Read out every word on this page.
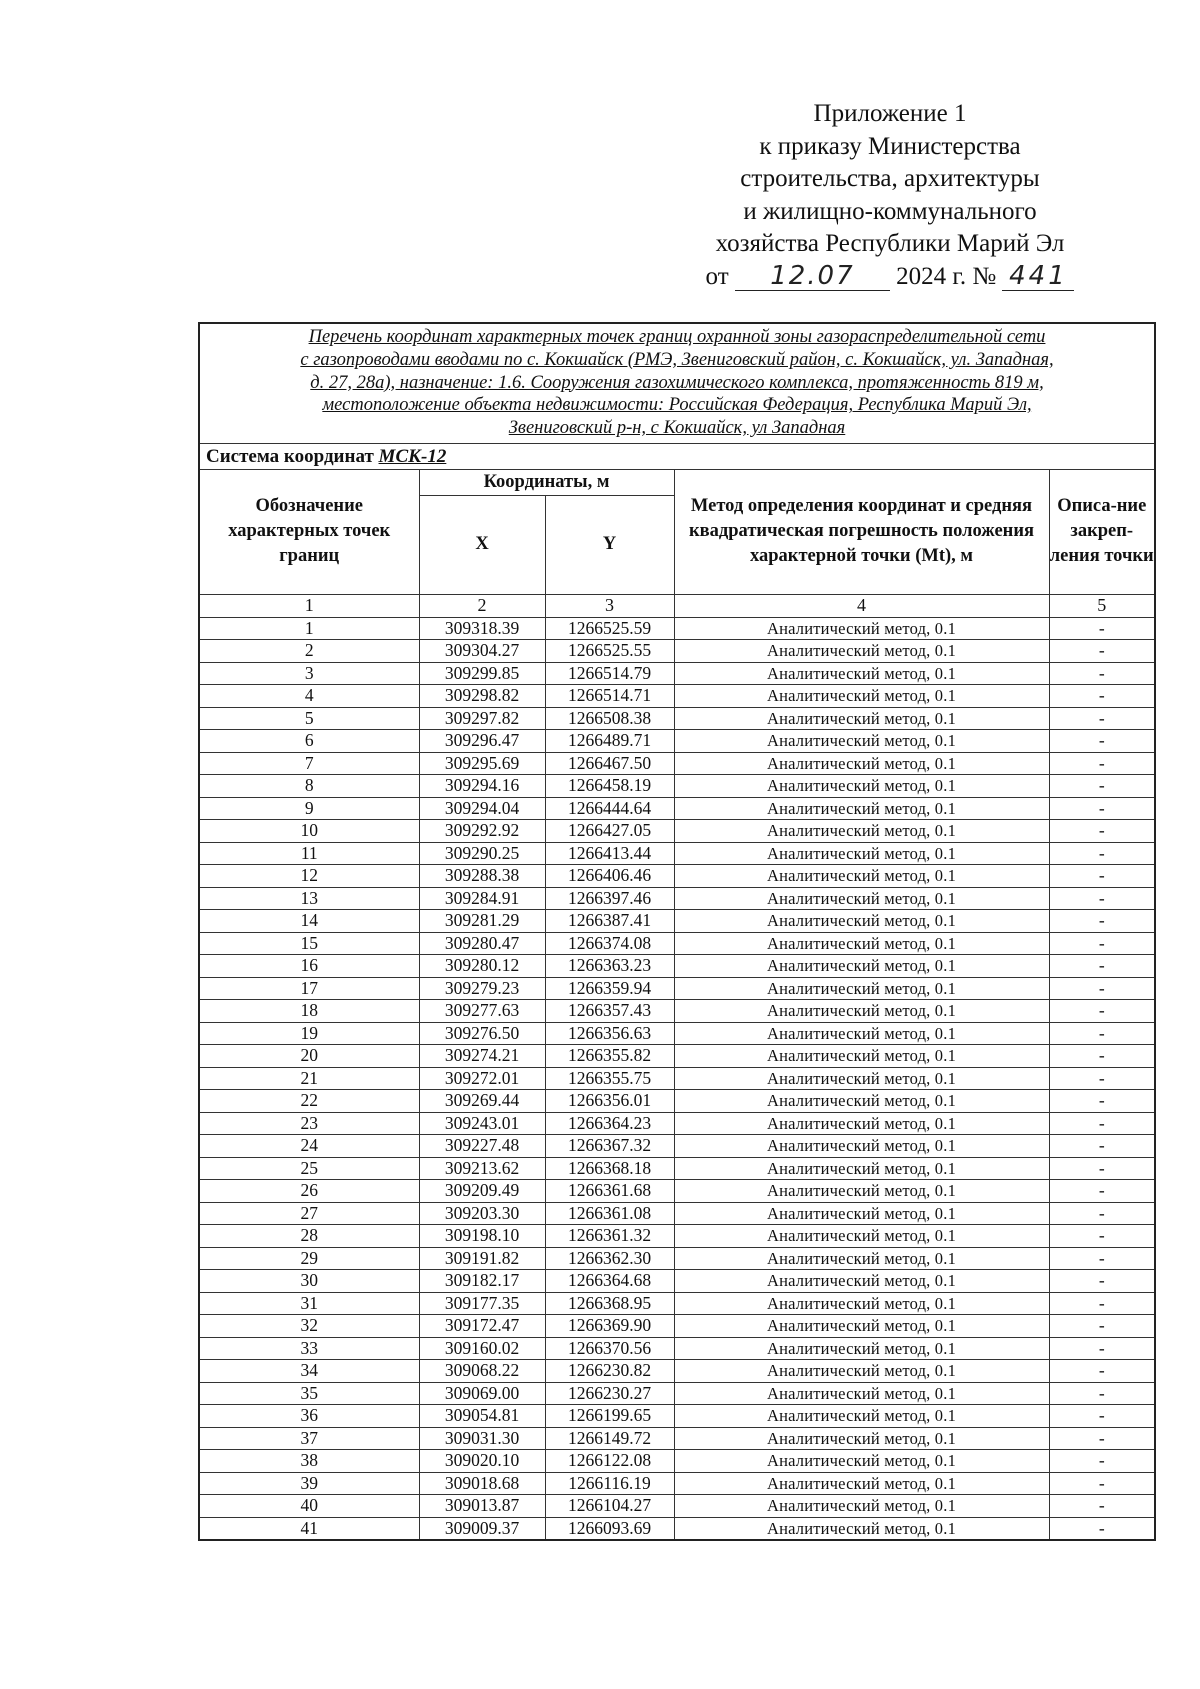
Приложение 1
к приказу Министерства
строительства, архитектуры
и жилищно-коммунального
хозяйства Республики Марий Эл
от 12.07 2024 г. № 441
Перечень координат характерных точек границ охранной зоны газораспределительной сети
с газопроводами вводами по с. Кокшайск (РМЭ, Звениговский район, с. Кокшайск, ул. Западная,
д. 27, 28а), назначение: 1.6. Сооружения газохимического комплекса, протяженность 819 м,
местоположение объекта недвижимости: Российская Федерация, Республика Марий Эл,
Звениговский р-н, с Кокшайск, ул Западная				

Система координат МСК-12				
Обозначение характерных точек границ	Координаты, м		Метод определения координат и средняя квадратическая погрешность положения характерной точки (Mt), м	Описа-ние закреп-ления точки
	X	Y		
1	2	3	4	5
1	309318.39	1266525.59	Аналитический метод, 0.1	-
2	309304.27	1266525.55	Аналитический метод, 0.1	-
3	309299.85	1266514.79	Аналитический метод, 0.1	-
4	309298.82	1266514.71	Аналитический метод, 0.1	-
5	309297.82	1266508.38	Аналитический метод, 0.1	-
6	309296.47	1266489.71	Аналитический метод, 0.1	-
7	309295.69	1266467.50	Аналитический метод, 0.1	-
8	309294.16	1266458.19	Аналитический метод, 0.1	-
9	309294.04	1266444.64	Аналитический метод, 0.1	-
10	309292.92	1266427.05	Аналитический метод, 0.1	-
11	309290.25	1266413.44	Аналитический метод, 0.1	-
12	309288.38	1266406.46	Аналитический метод, 0.1	-
13	309284.91	1266397.46	Аналитический метод, 0.1	-
14	309281.29	1266387.41	Аналитический метод, 0.1	-
15	309280.47	1266374.08	Аналитический метод, 0.1	-
16	309280.12	1266363.23	Аналитический метод, 0.1	-
17	309279.23	1266359.94	Аналитический метод, 0.1	-
18	309277.63	1266357.43	Аналитический метод, 0.1	-
19	309276.50	1266356.63	Аналитический метод, 0.1	-
20	309274.21	1266355.82	Аналитический метод, 0.1	-
21	309272.01	1266355.75	Аналитический метод, 0.1	-
22	309269.44	1266356.01	Аналитический метод, 0.1	-
23	309243.01	1266364.23	Аналитический метод, 0.1	-
24	309227.48	1266367.32	Аналитический метод, 0.1	-
25	309213.62	1266368.18	Аналитический метод, 0.1	-
26	309209.49	1266361.68	Аналитический метод, 0.1	-
27	309203.30	1266361.08	Аналитический метод, 0.1	-
28	309198.10	1266361.32	Аналитический метод, 0.1	-
29	309191.82	1266362.30	Аналитический метод, 0.1	-
30	309182.17	1266364.68	Аналитический метод, 0.1	-
31	309177.35	1266368.95	Аналитический метод, 0.1	-
32	309172.47	1266369.90	Аналитический метод, 0.1	-
33	309160.02	1266370.56	Аналитический метод, 0.1	-
34	309068.22	1266230.82	Аналитический метод, 0.1	-
35	309069.00	1266230.27	Аналитический метод, 0.1	-
36	309054.81	1266199.65	Аналитический метод, 0.1	-
37	309031.30	1266149.72	Аналитический метод, 0.1	-
38	309020.10	1266122.08	Аналитический метод, 0.1	-
39	309018.68	1266116.19	Аналитический метод, 0.1	-
40	309013.87	1266104.27	Аналитический метод, 0.1	-
41	309009.37	1266093.69	Аналитический метод, 0.1	-
